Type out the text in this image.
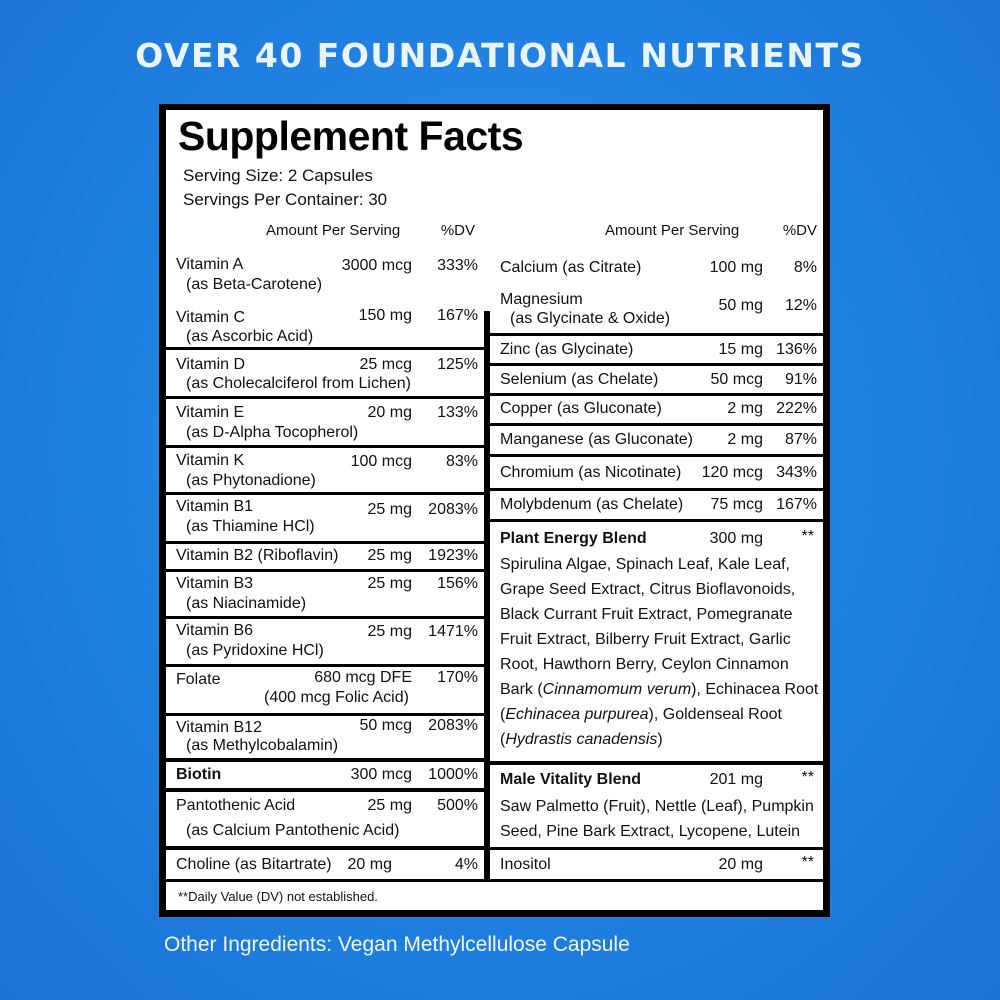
OVER 40 FOUNDATIONAL NUTRIENTS
Supplement Facts
Serving Size: 2 Capsules
Servings Per Container: 30
Amount Per Serving	%DV	Amount Per Serving	%DV
Vitamin A
(as Beta-Carotene)
3000 mcg 333%
Vitamin C
(as Ascorbic Acid)
150 mg 167%
Vitamin D
(as Cholecalciferol from Lichen)
25 mcg 125%
Vitamin E
(as D-Alpha Tocopherol)
20 mg 133%
Vitamin K
(as Phytonadione)
100 mcg 83%
Vitamin B1
(as Thiamine HCl)
25 mg 2083%
Vitamin B2 (Riboflavin) 25 mg 1923%
Vitamin B3
(as Niacinamide)
25 mg 156%
Vitamin B6
(as Pyridoxine HCl)
25 mg 1471%
Folate
(400 mcg Folic Acid)
680 mcg DFE 170%
Vitamin B12
(as Methylcobalamin)
50 mcg 2083%
Biotin	300 mcg 1000%
Pantothenic Acid
(as Calcium Pantothenic Acid)
25 mg 500%
Choline (as Bitartrate) 20 mg	4%
Calcium (as Citrate)	100 mg 8%
Magnesium
(as Glycinate & Oxide)
50 mg 12%
Zinc (as Glycinate)	15 mg 136%
Selenium (as Chelate)	50 mcg 91%
Copper (as Gluconate)	2 mg 222%
Manganese (as Gluconate) 2 mg 87%
Chromium (as Nicotinate) 120 mcg 343%
Molybdenum (as Chelate) 75 mcg 167%
Plant Energy Blend	300 mg **
Spirulina Algae, Spinach Leaf, Kale Leaf, Grape Seed Extract, Citrus Bioflavonoids, Black Currant Fruit Extract, Pomegranate Fruit Extract, Bilberry Fruit Extract, Garlic Root, Hawthorn Berry, Ceylon Cinnamon Bark (Cinnamomum verum), Echinacea Root (Echinacea purpurea), Goldenseal Root (Hydrastis canadensis)
Male Vitality Blend	201 mg **
Saw Palmetto (Fruit), Nettle (Leaf), Pumpkin Seed, Pine Bark Extract, Lycopene, Lutein
Inositol	20 mg **
**Daily Value (DV) not established.
Other Ingredients: Vegan Methylcellulose Capsule
